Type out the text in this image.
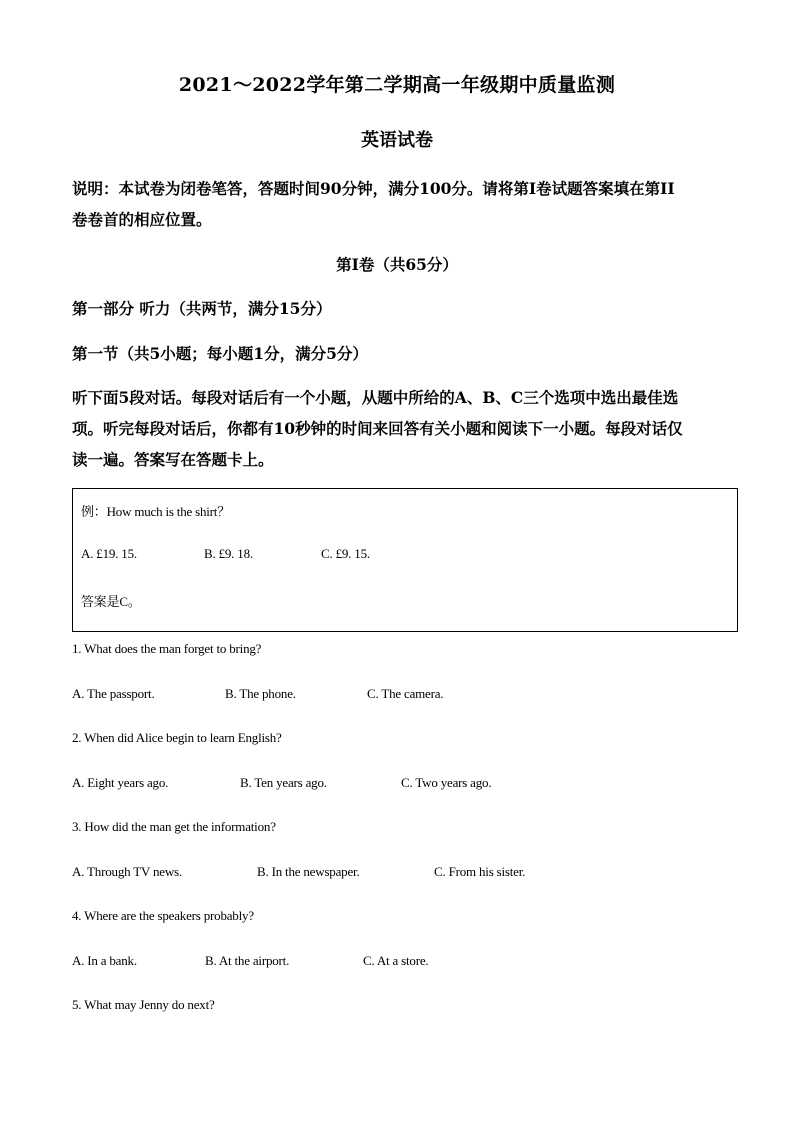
2021～2022学年第二学期高一年级期中质量监测
英语试卷
说明：本试卷为闭卷笔答，答题时间90分钟，满分100分。请将第I卷试题答案填在第II
卷卷首的相应位置。
第I卷（共65分）
第一部分 听力（共两节，满分15分）
第一节（共5小题；每小题1分，满分5分）
听下面5段对话。每段对话后有一个小题，从题中所给的A、B、C三个选项中选出最佳选
项。听完每段对话后，你都有10秒钟的时间来回答有关小题和阅读下一小题。每段对话仅
读一遍。答案写在答题卡上。
例：How much is the shirt？
A. £19. 15.	B. £9. 18.	C. £9. 15.
答案是C。
1. What does the man forget to bring?
A. The passport.	B. The phone.	C. The camera.
2. When did Alice begin to learn English?
A. Eight years ago.	B. Ten years ago.	C. Two years ago.
3. How did the man get the information?
A. Through TV news.	B. In the newspaper.	C. From his sister.
4. Where are the speakers probably?
A. In a bank.	B. At the airport.	C. At a store.
5. What may Jenny do next?
